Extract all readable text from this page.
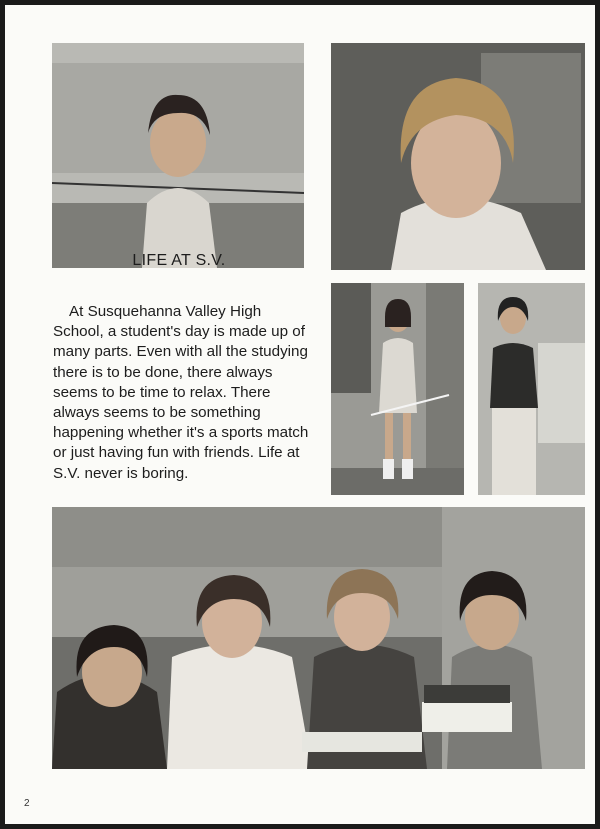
LIFE AT S.V.

At Susquehanna Valley High School, a student's day is made up of many parts. Even with all the studying there is to be done, there always seems to be time to relax. There always seems to be something happening whether it's a sports match or just having fun with friends. Life at S.V. never is boring.

2
